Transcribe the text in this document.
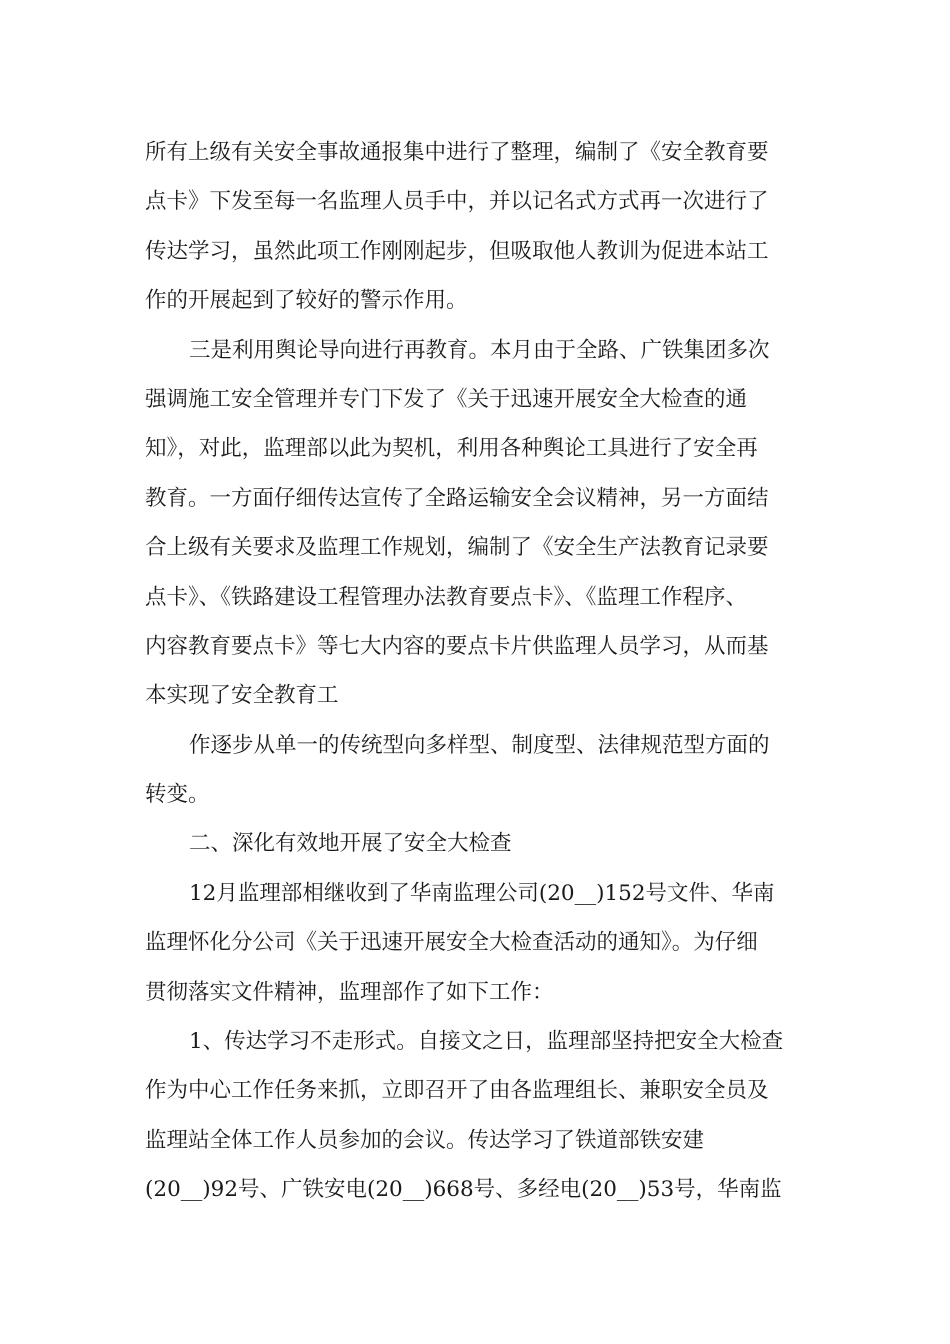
所有上级有关安全事故通报集中进行了整理，编制了《安全教育要
点卡》下发至每一名监理人员手中，并以记名式方式再一次进行了
传达学习，虽然此项工作刚刚起步，但吸取他人教训为促进本站工
作的开展起到了较好的警示作用。
三是利用舆论导向进行再教育。本月由于全路、广铁集团多次
强调施工安全管理并专门下发了《关于迅速开展安全大检查的通
知》，对此，监理部以此为契机，利用各种舆论工具进行了安全再
教育。一方面仔细传达宣传了全路运输安全会议精神，另一方面结
合上级有关要求及监理工作规划，编制了《安全生产法教育记录要
点卡》、《铁路建设工程管理办法教育要点卡》、《监理工作程序、
内容教育要点卡》等七大内容的要点卡片供监理人员学习，从而基
本实现了安全教育工
作逐步从单一的传统型向多样型、制度型、法律规范型方面的
转变。
二、深化有效地开展了安全大检查
12月监理部相继收到了华南监理公司(20__)152号文件、华南
监理怀化分公司《关于迅速开展安全大检查活动的通知》。为仔细
贯彻落实文件精神，监理部作了如下工作：
1、传达学习不走形式。自接文之日，监理部坚持把安全大检查
作为中心工作任务来抓，立即召开了由各监理组长、兼职安全员及
监理站全体工作人员参加的会议。传达学习了铁道部铁安建
(20__)92号、广铁安电(20__)668号、多经电(20__)53号，华南监
